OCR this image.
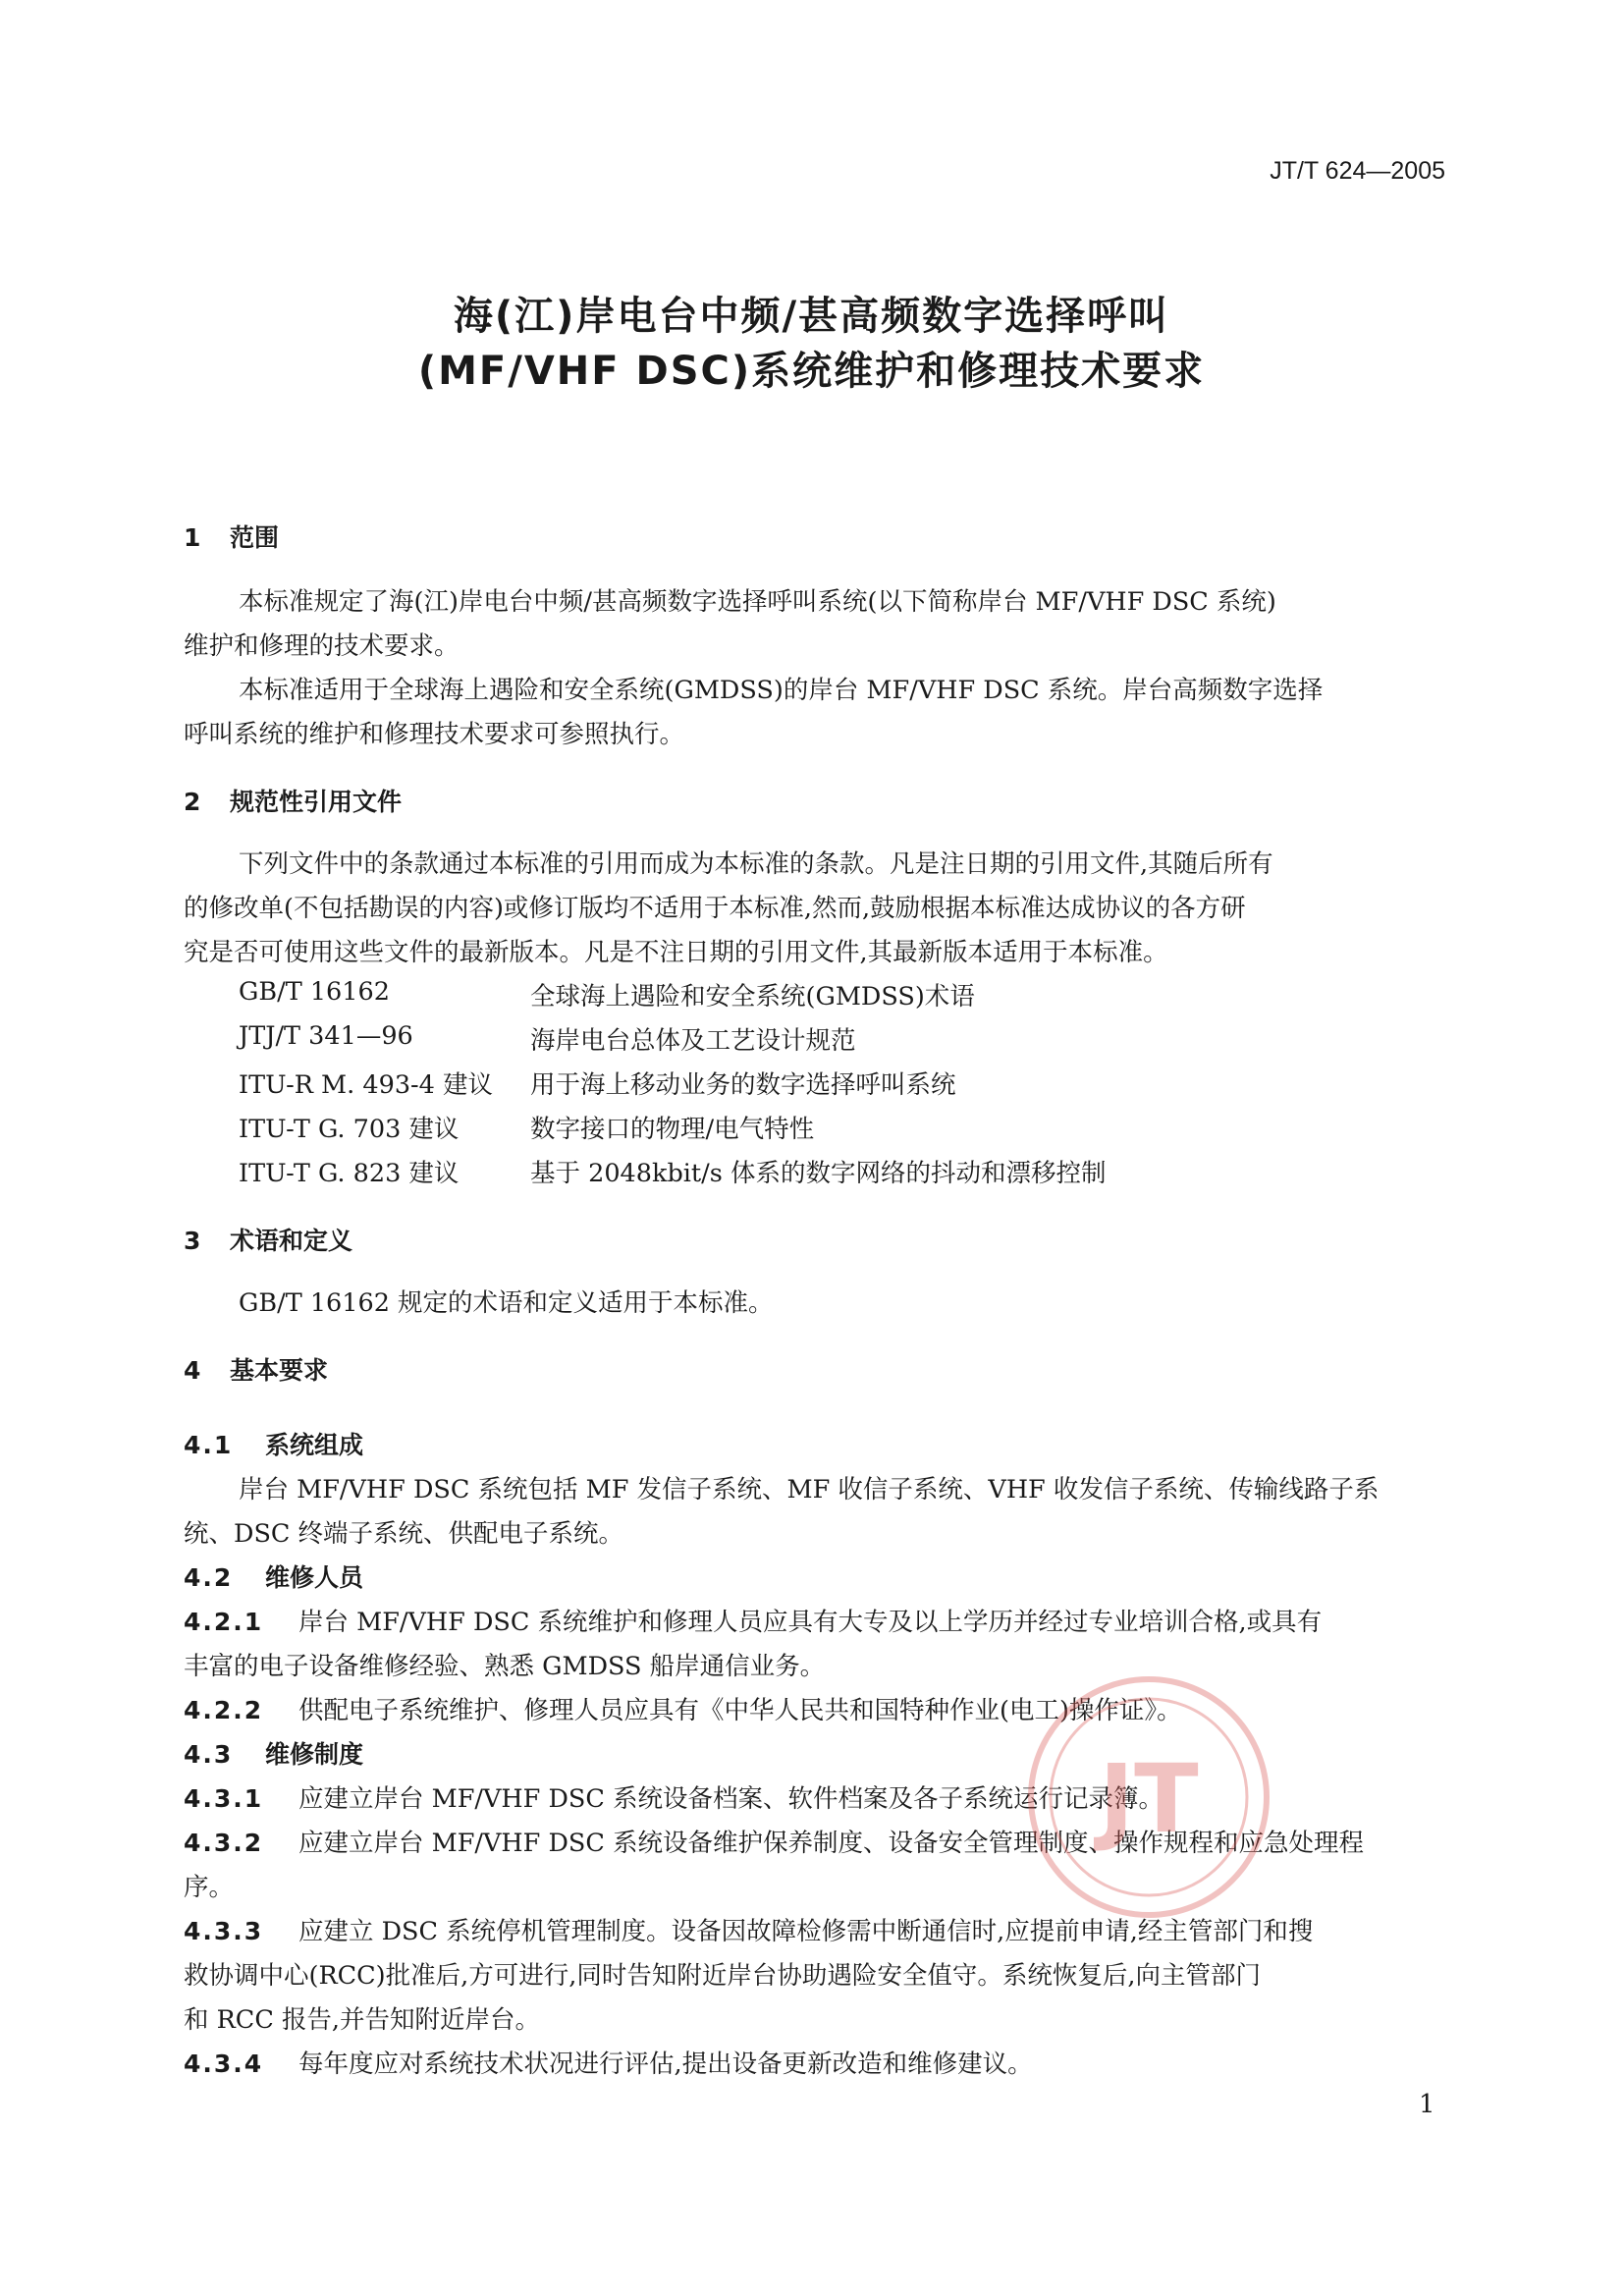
JT/T 624—2005
海(江)岸电台中频/甚高频数字选择呼叫
(MF/VHF DSC)系统维护和修理技术要求
1 范围
本标准规定了海(江)岸电台中频/甚高频数字选择呼叫系统(以下简称岸台 MF/VHF DSC 系统)
维护和修理的技术要求。
本标准适用于全球海上遇险和安全系统(GMDSS)的岸台 MF/VHF DSC 系统。岸台高频数字选择
呼叫系统的维护和修理技术要求可参照执行。
2 规范性引用文件
下列文件中的条款通过本标准的引用而成为本标准的条款。凡是注日期的引用文件,其随后所有
的修改单(不包括勘误的内容)或修订版均不适用于本标准,然而,鼓励根据本标准达成协议的各方研
究是否可使用这些文件的最新版本。凡是不注日期的引用文件,其最新版本适用于本标准。
GB/T 16162	全球海上遇险和安全系统(GMDSS)术语
JTJ/T 341—96	海岸电台总体及工艺设计规范
ITU-R M. 493-4 建议 用于海上移动业务的数字选择呼叫系统
ITU-T G. 703 建议	数字接口的物理/电气特性
ITU-T G. 823 建议	基于 2048kbit/s 体系的数字网络的抖动和漂移控制
3 术语和定义
GB/T 16162 规定的术语和定义适用于本标准。
4 基本要求
4.1 系统组成
岸台 MF/VHF DSC 系统包括 MF 发信子系统、MF 收信子系统、VHF 收发信子系统、传输线路子系
统、DSC 终端子系统、供配电子系统。
4.2 维修人员
4.2.1 岸台 MF/VHF DSC 系统维护和修理人员应具有大专及以上学历并经过专业培训合格,或具有
丰富的电子设备维修经验、熟悉 GMDSS 船岸通信业务。
4.2.2 供配电子系统维护、修理人员应具有《中华人民共和国特种作业(电工)操作证》。
4.3 维修制度
4.3.1 应建立岸台 MF/VHF DSC 系统设备档案、软件档案及各子系统运行记录簿。
4.3.2 应建立岸台 MF/VHF DSC 系统设备维护保养制度、设备安全管理制度、操作规程和应急处理程
序。
4.3.3 应建立 DSC 系统停机管理制度。设备因故障检修需中断通信时,应提前申请,经主管部门和搜
救协调中心(RCC)批准后,方可进行,同时告知附近岸台协助遇险安全值守。系统恢复后,向主管部门
和 RCC 报告,并告知附近岸台。
4.3.4 每年度应对系统技术状况进行评估,提出设备更新改造和维修建议。
1
JT
